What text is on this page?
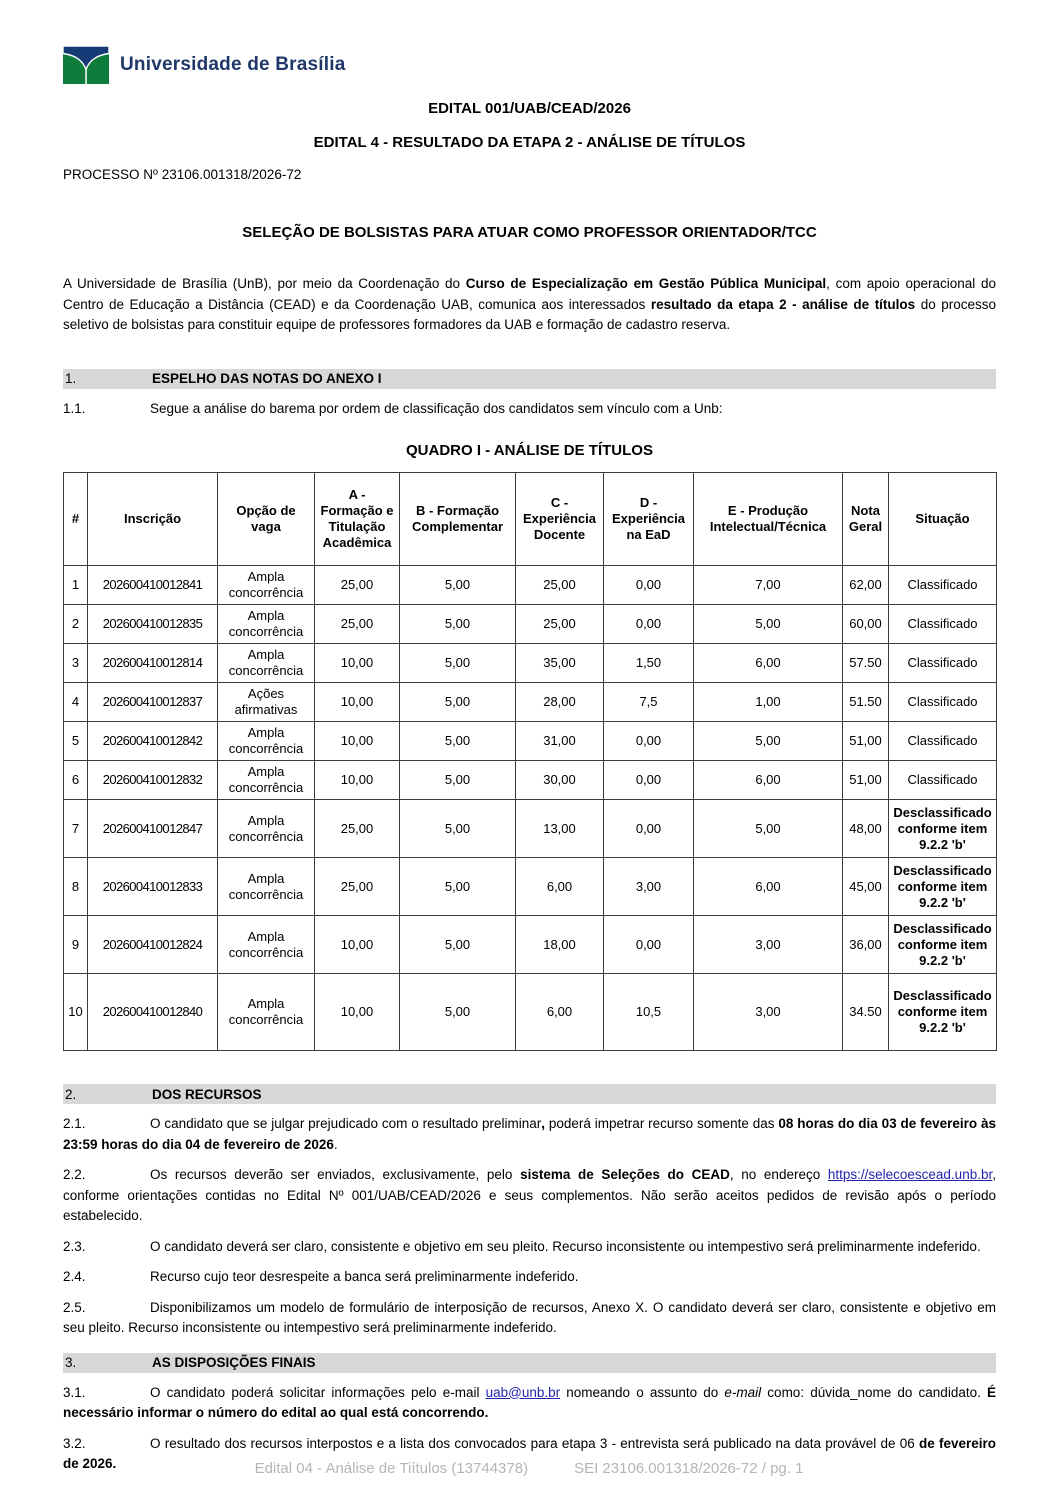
Universidade de Brasília
EDITAL 001/UAB/CEAD/2026
EDITAL 4 - RESULTADO DA ETAPA 2 - ANÁLISE DE TÍTULOS
PROCESSO Nº 23106.001318/2026-72
SELEÇÃO DE BOLSISTAS PARA ATUAR COMO PROFESSOR ORIENTADOR/TCC

A Universidade de Brasília (UnB), por meio da Coordenação do Curso de Especialização em Gestão Pública Municipal, com apoio operacional do Centro de Educação a Distância (CEAD) e da Coordenação UAB, comunica aos interessados resultado da etapa 2 - análise de títulos do processo seletivo de bolsistas para constituir equipe de professores formadores da UAB e formação de cadastro reserva.

1.	ESPELHO DAS NOTAS DO ANEXO I

1.1.	Segue a análise do barema por ordem de classificação dos candidatos sem vínculo com a Unb:

QUADRO I - ANÁLISE DE TÍTULOS
#	Inscrição	Opção de vaga	A - Formação e Titulação Acadêmica	B - Formação Complementar	C - Experiência Docente	D - Experiência na EaD	E - Produção Intelectual/Técnica	Nota Geral	Situação
1	202600410012841	Ampla concorrência	25,00	5,00	25,00	0,00	7,00	62,00	Classificado
2	202600410012835	Ampla concorrência	25,00	5,00	25,00	0,00	5,00	60,00	Classificado
3	202600410012814	Ampla concorrência	10,00	5,00	35,00	1,50	6,00	57.50	Classificado
4	202600410012837	Ações afirmativas	10,00	5,00	28,00	7,5	1,00	51.50	Classificado
5	202600410012842	Ampla concorrência	10,00	5,00	31,00	0,00	5,00	51,00	Classificado
6	202600410012832	Ampla concorrência	10,00	5,00	30,00	0,00	6,00	51,00	Classificado
7	202600410012847	Ampla concorrência	25,00	5,00	13,00	0,00	5,00	48,00	Desclassificado conforme item 9.2.2 'b'
8	202600410012833	Ampla concorrência	25,00	5,00	6,00	3,00	6,00	45,00	Desclassificado conforme item 9.2.2 'b'
9	202600410012824	Ampla concorrência	10,00	5,00	18,00	0,00	3,00	36,00	Desclassificado conforme item 9.2.2 'b'
10	202600410012840	Ampla concorrência	10,00	5,00	6,00	10,5	3,00	34.50	Desclassificado conforme item 9.2.2 'b'
2.	DOS RECURSOS

2.1.	O candidato que se julgar prejudicado com o resultado preliminar, poderá impetrar recurso somente das 08 horas do dia 03 de fevereiro às 23:59 horas do dia 04 de fevereiro de 2026.

2.2.	Os recursos deverão ser enviados, exclusivamente, pelo sistema de Seleções do CEAD, no endereço https://selecoescead.unb.br, conforme orientações contidas no Edital Nº 001/UAB/CEAD/2026 e seus complementos. Não serão aceitos pedidos de revisão após o período estabelecido.

2.3.	O candidato deverá ser claro, consistente e objetivo em seu pleito. Recurso inconsistente ou intempestivo será preliminarmente indeferido.

2.4.	Recurso cujo teor desrespeite a banca será preliminarmente indeferido.

2.5.	Disponibilizamos um modelo de formulário de interposição de recursos, Anexo X. O candidato deverá ser claro, consistente e objetivo em seu pleito. Recurso inconsistente ou intempestivo será preliminarmente indeferido.

3.	AS DISPOSIÇÕES FINAIS

3.1.	O candidato poderá solicitar informações pelo e-mail uab@unb.br nomeando o assunto do e-mail como: dúvida_nome do candidato. É necessário informar o número do edital ao qual está concorrendo.

3.2.	O resultado dos recursos interpostos e a lista dos convocados para etapa 3 - entrevista será publicado na data provável de 06 de fevereiro de 2026.	Edital 04 - Análise de Tiítulos (13744378)	SEI 23106.001318/2026-72 / pg. 1
